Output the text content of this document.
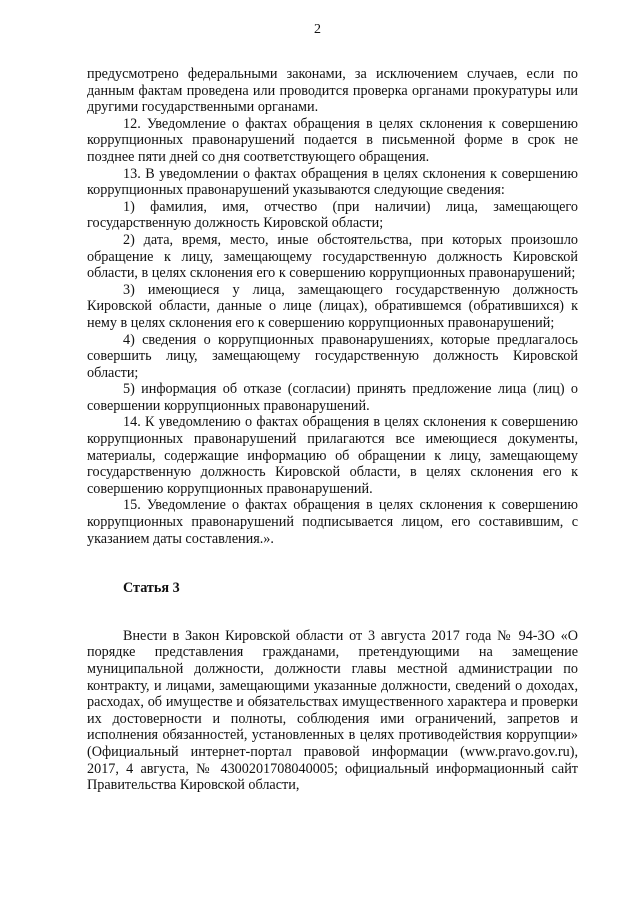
2

предусмотрено федеральными законами, за исключением случаев, если по данным фактам проведена или проводится проверка органами прокуратуры или другими государственными органами.

12. Уведомление о фактах обращения в целях склонения к совершению коррупционных правонарушений подается в письменной форме в срок не позднее пяти дней со дня соответствующего обращения.

13. В уведомлении о фактах обращения в целях склонения к совершению коррупционных правонарушений указываются следующие сведения:

1) фамилия, имя, отчество (при наличии) лица, замещающего государственную должность Кировской области;

2) дата, время, место, иные обстоятельства, при которых произошло обращение к лицу, замещающему государственную должность Кировской области, в целях склонения его к совершению коррупционных правонарушений;

3) имеющиеся у лица, замещающего государственную должность Кировской области, данные о лице (лицах), обратившемся (обратившихся) к нему в целях склонения его к совершению коррупционных правонарушений;

4) сведения о коррупционных правонарушениях, которые предлагалось совершить лицу, замещающему государственную должность Кировской области;

5) информация об отказе (согласии) принять предложение лица (лиц) о совершении коррупционных правонарушений.

14. К уведомлению о фактах обращения в целях склонения к совершению коррупционных правонарушений прилагаются все имеющиеся документы, материалы, содержащие информацию об обращении к лицу, замещающему государственную должность Кировской области, в целях склонения его к совершению коррупционных правонарушений.

15. Уведомление о фактах обращения в целях склонения к совершению коррупционных правонарушений подписывается лицом, его составившим, с указанием даты составления.».

Статья 3

Внести в Закон Кировской области от 3 августа 2017 года № 94-ЗО «О порядке представления гражданами, претендующими на замещение муниципальной должности, должности главы местной администрации по контракту, и лицами, замещающими указанные должности, сведений о доходах, расходах, об имуществе и обязательствах имущественного характера и проверки их достоверности и полноты, соблюдения ими ограничений, запретов и исполнения обязанностей, установленных в целях противодействия коррупции» (Официальный интернет-портал правовой информации (www.pravo.gov.ru), 2017, 4 августа, № 4300201708040005; официальный информационный сайт Правительства Кировской области,
